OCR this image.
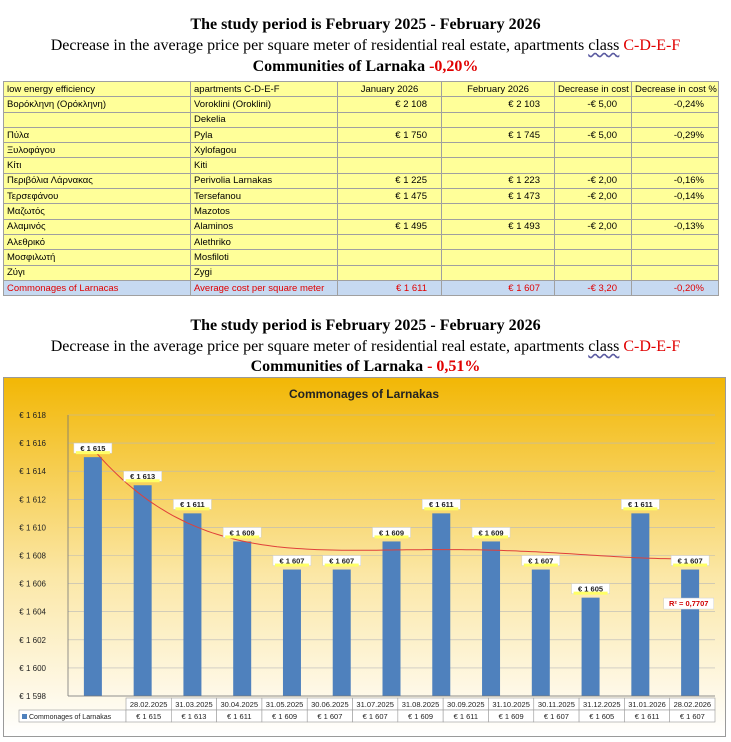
The study period is February 2025 - February 2026
Decrease in the average price per square meter of residential real estate, apartments class C-D-E-F
Communities of Larnaka -0,20%
low energy efficiency	apartments C-D-E-F	January 2026	February 2026	Decrease in cost	Decrease in cost %
Βορόκληνη (Ορόκληνη)	Voroklini (Oroklini)	€ 2 108	€ 2 103	-€ 5,00	-0,24%
	Dekelia				
Πύλα	Pyla	€ 1 750	€ 1 745	-€ 5,00	-0,29%
Ξυλοφάγου	Xylofagou				
Κίτι	Kiti				
Περιβόλια Λάρνακας	Perivolia Larnakas	€ 1 225	€ 1 223	-€ 2,00	-0,16%
Τερσεφάνου	Tersefanou	€ 1 475	€ 1 473	-€ 2,00	-0,14%
Μαζωτός	Mazotos				
Αλαμινός	Alaminos	€ 1 495	€ 1 493	-€ 2,00	-0,13%
Αλεθρικό	Alethriko				
Μοσφιλωτή	Mosfiloti				
Ζύγι	Zygi				
Commonages of Larnacas	Average cost per square meter	€ 1 611	€ 1 607	-€ 3,20	-0,20%
The study period is February 2025 - February 2026
Decrease in the average price per square meter of residential real estate, apartments class C-D-E-F
Communities of Larnaka - 0,51%
Commonages of Larnakas
R² = 0,7707
€ 1 615
€ 1 613
€ 1 611
€ 1 609
€ 1 607	€ 1 607
€ 1 609
€ 1 611
€ 1 609
€ 1 607
€ 1 605
€ 1 611
€ 1 607
€ 1 598
€ 1 600
€ 1 602
€ 1 604
€ 1 606
€ 1 608
€ 1 610
€ 1 612
€ 1 614
€ 1 616
€ 1 618
Commonages of Larnakas
28.02.2025
€ 1 615
31.03.2025
€ 1 613
30.04.2025
€ 1 611
31.05.2025
€ 1 609
30.06.2025
€ 1 607
31.07.2025
€ 1 607
31.08.2025
€ 1 609
30.09.2025
€ 1 611
31.10.2025
€ 1 609
30.11.2025
€ 1 607
31.12.2025
€ 1 605
31.01.2026
€ 1 611
28.02.2026
€ 1 607
